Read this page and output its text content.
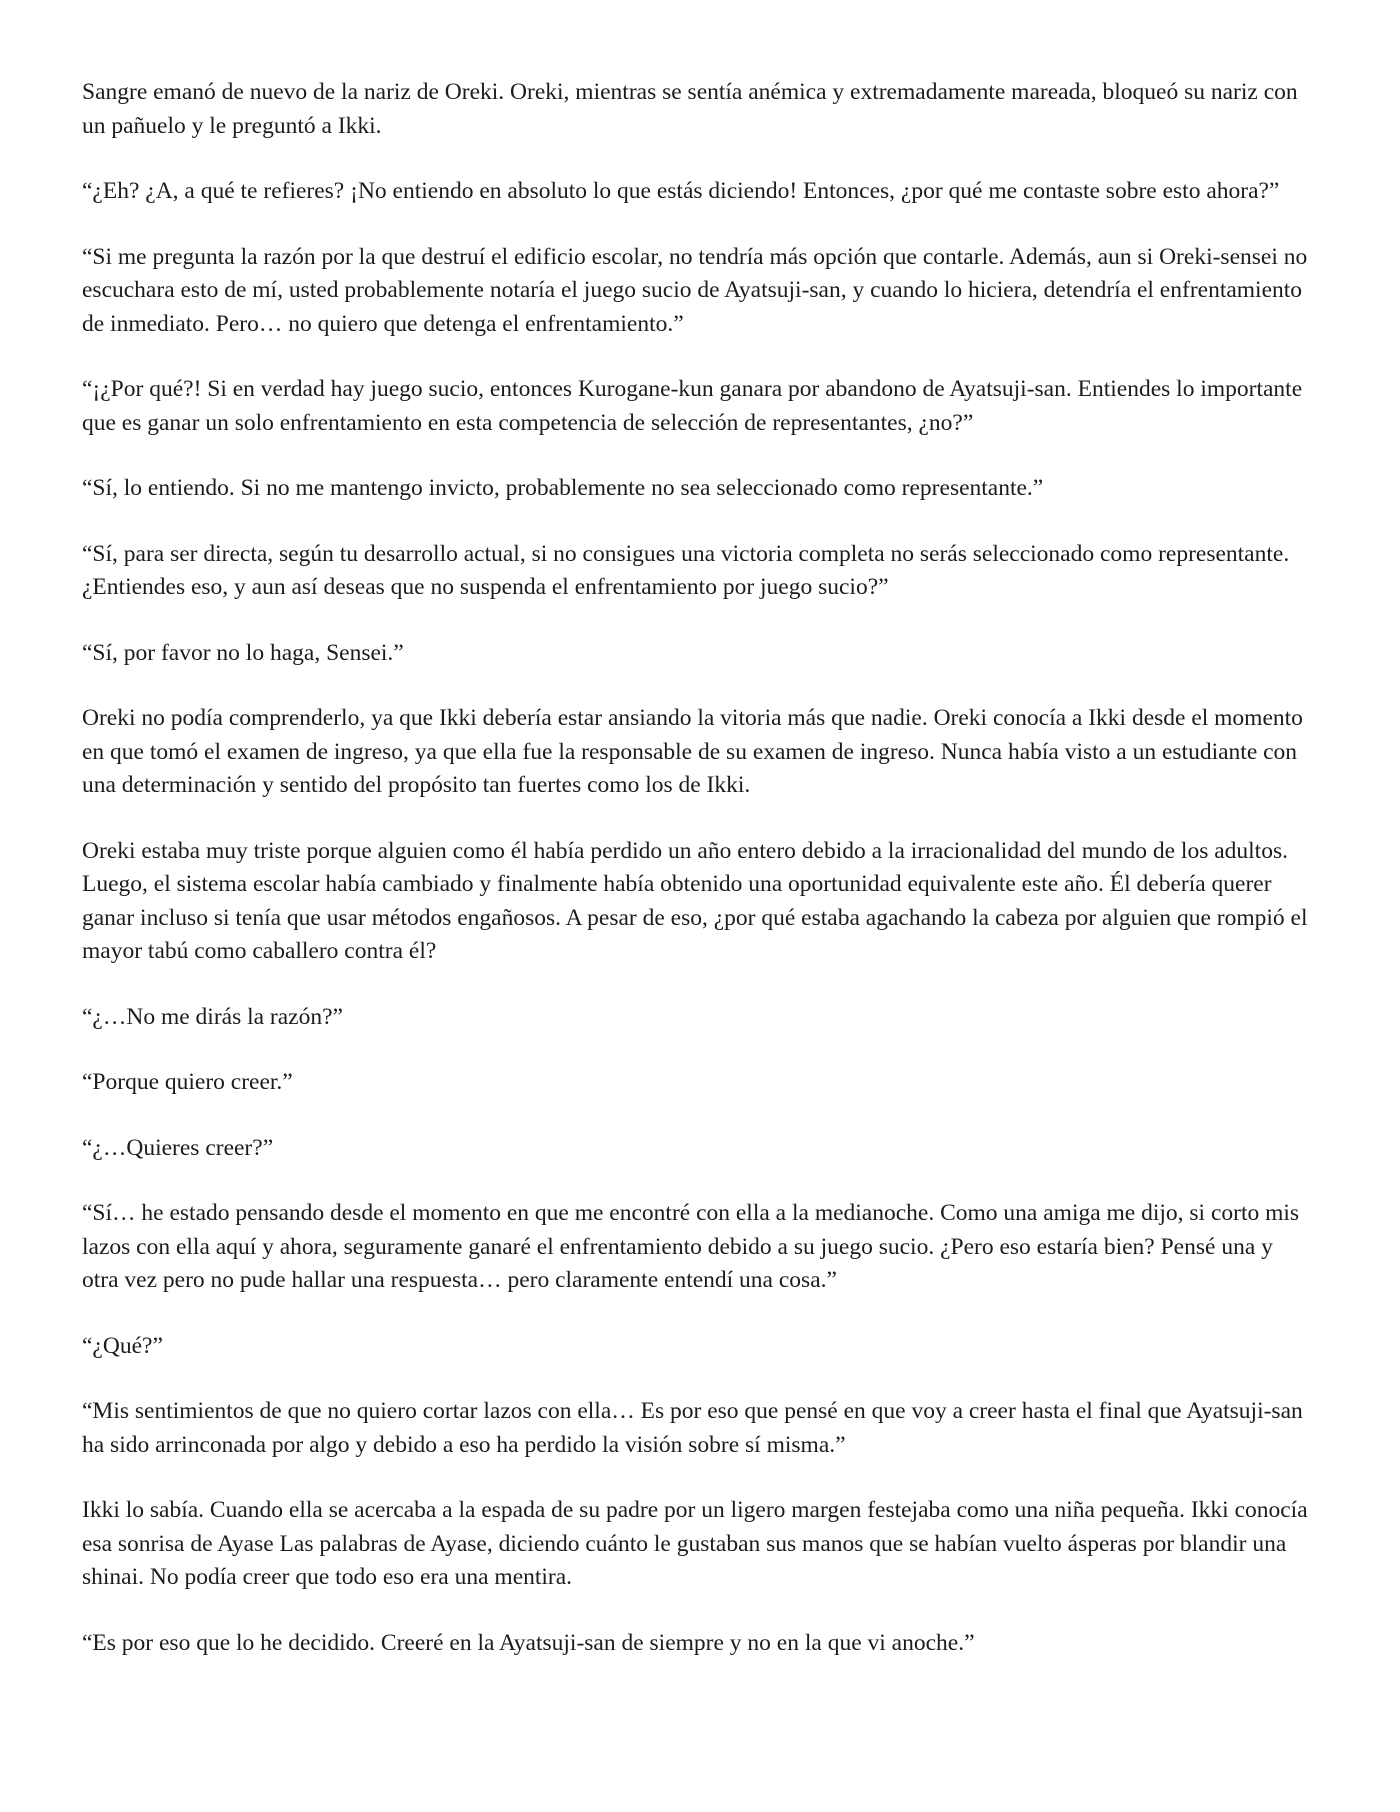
Sangre emanó de nuevo de la nariz de Oreki. Oreki, mientras se sentía anémica y extremadamente mareada, bloqueó su nariz con un pañuelo y le preguntó a Ikki.

“¿Eh? ¿A, a qué te refieres? ¡No entiendo en absoluto lo que estás diciendo! Entonces, ¿por qué me contaste sobre esto ahora?”

“Si me pregunta la razón por la que destruí el edificio escolar, no tendría más opción que contarle. Además, aun si Oreki-sensei no escuchara esto de mí, usted probablemente notaría el juego sucio de Ayatsuji-san, y cuando lo hiciera, detendría el enfrentamiento de inmediato. Pero… no quiero que detenga el enfrentamiento.”

“¡¿Por qué?! Si en verdad hay juego sucio, entonces Kurogane-kun ganara por abandono de Ayatsuji-san. Entiendes lo importante que es ganar un solo enfrentamiento en esta competencia de selección de representantes, ¿no?”

“Sí, lo entiendo. Si no me mantengo invicto, probablemente no sea seleccionado como representante.”

“Sí, para ser directa, según tu desarrollo actual, si no consigues una victoria completa no serás seleccionado como representante. ¿Entiendes eso, y aun así deseas que no suspenda el enfrentamiento por juego sucio?”

“Sí, por favor no lo haga, Sensei.”

Oreki no podía comprenderlo, ya que Ikki debería estar ansiando la vitoria más que nadie. Oreki conocía a Ikki desde el momento en que tomó el examen de ingreso, ya que ella fue la responsable de su examen de ingreso. Nunca había visto a un estudiante con una determinación y sentido del propósito tan fuertes como los de Ikki.

Oreki estaba muy triste porque alguien como él había perdido un año entero debido a la irracionalidad del mundo de los adultos. Luego, el sistema escolar había cambiado y finalmente había obtenido una oportunidad equivalente este año. Él debería querer ganar incluso si tenía que usar métodos engañosos. A pesar de eso, ¿por qué estaba agachando la cabeza por alguien que rompió el mayor tabú como caballero contra él?

“¿…No me dirás la razón?”

“Porque quiero creer.”

“¿…Quieres creer?”

“Sí… he estado pensando desde el momento en que me encontré con ella a la medianoche. Como una amiga me dijo, si corto mis lazos con ella aquí y ahora, seguramente ganaré el enfrentamiento debido a su juego sucio. ¿Pero eso estaría bien? Pensé una y otra vez pero no pude hallar una respuesta… pero claramente entendí una cosa.”

“¿Qué?”

“Mis sentimientos de que no quiero cortar lazos con ella… Es por eso que pensé en que voy a creer hasta el final que Ayatsuji-san ha sido arrinconada por algo y debido a eso ha perdido la visión sobre sí misma.”

Ikki lo sabía. Cuando ella se acercaba a la espada de su padre por un ligero margen festejaba como una niña pequeña. Ikki conocía esa sonrisa de Ayase Las palabras de Ayase, diciendo cuánto le gustaban sus manos que se habían vuelto ásperas por blandir una shinai. No podía creer que todo eso era una mentira.

“Es por eso que lo he decidido. Creeré en la Ayatsuji-san de siempre y no en la que vi anoche.”
